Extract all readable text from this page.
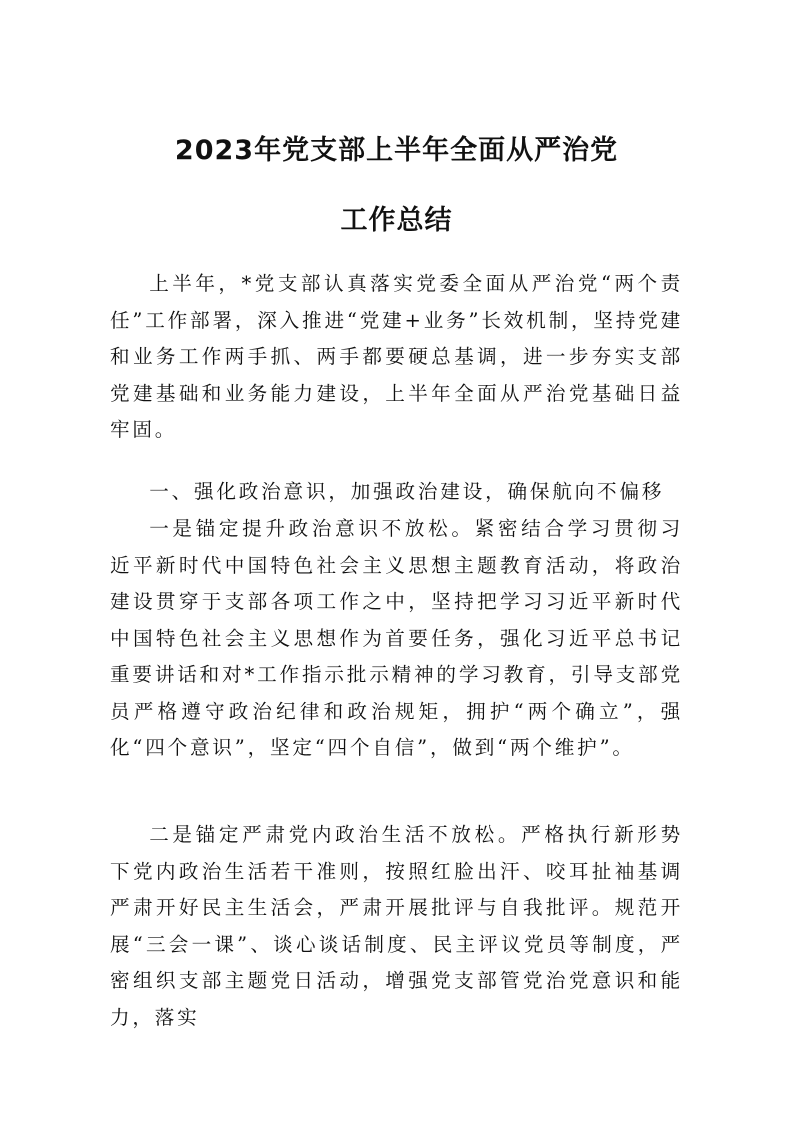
2023年党支部上半年全面从严治党
工作总结

上半年，*党支部认真落实党委全面从严治党“两个责任”工作部署，深入推进“党建+业务”长效机制，坚持党建和业务工作两手抓、两手都要硬总基调，进一步夯实支部党建基础和业务能力建设，上半年全面从严治党基础日益牢固。

一、强化政治意识，加强政治建设，确保航向不偏移

一是锚定提升政治意识不放松。紧密结合学习贯彻习近平新时代中国特色社会主义思想主题教育活动，将政治建设贯穿于支部各项工作之中，坚持把学习习近平新时代中国特色社会主义思想作为首要任务，强化习近平总书记重要讲话和对*工作指示批示精神的学习教育，引导支部党员严格遵守政治纪律和政治规矩，拥护“两个确立”，强化“四个意识”，坚定“四个自信”，做到“两个维护”。

二是锚定严肃党内政治生活不放松。严格执行新形势下党内政治生活若干准则，按照红脸出汗、咬耳扯袖基调严肃开好民主生活会，严肃开展批评与自我批评。规范开展“三会一课”、谈心谈话制度、民主评议党员等制度，严密组织支部主题党日活动，增强党支部管党治党意识和能力，落实
